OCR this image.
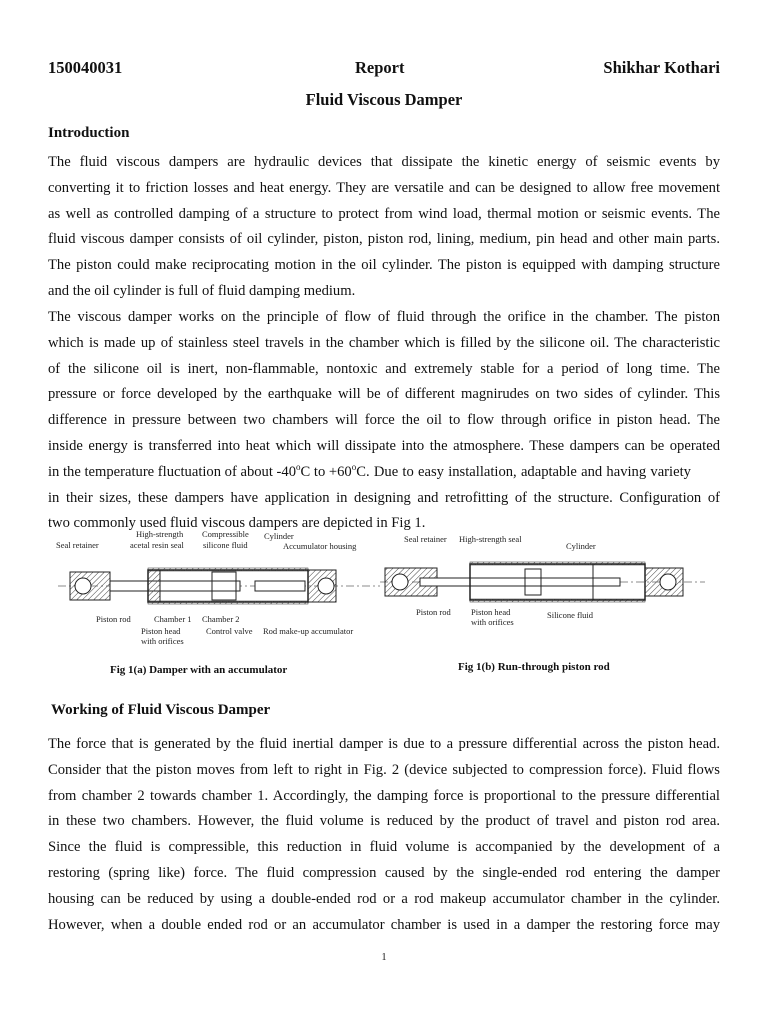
150040031	Report	Shikhar Kothari
Fluid Viscous Damper
Introduction
The fluid viscous dampers are hydraulic devices that dissipate the kinetic energy of seismic events by
converting it to friction losses and heat energy. They are versatile and can be designed to allow free movement
as well as controlled damping of a structure to protect from wind load, thermal motion or seismic events. The
fluid viscous damper consists of oil cylinder, piston, piston rod, lining, medium, pin head and other main parts.
The piston could make reciprocating motion in the oil cylinder. The piston is equipped with damping structure
and the oil cylinder is full of fluid damping medium.
The viscous damper works on the principle of flow of fluid through the orifice in the chamber. The piston
which is made up of stainless steel travels in the chamber which is filled by the silicone oil. The characteristic
of the silicone oil is inert, non-flammable, nontoxic and extremely stable for a period of long time. The
pressure or force developed by the earthquake will be of different magnirudes on two sides of cylinder. This
difference in pressure between two chambers will force the oil to flow through orifice in piston head. The
inside energy is transferred into heat which will dissipate into the atmosphere. These dampers can be operated
in the temperature fluctuation of about -40$^o$C to $+60^oC$. Due to easy installation, adaptable and having variety
in their sizes, these dampers have application in designing and retrofitting of the structure. Configuration of
two commonly used fluid viscous dampers are depicted in Fig 1.
Seal retainer
High-strength
acetal resin seal
Compressible
silicone fluid
Cylinder
Accumulator housing
Piston rod	Chamber 1 Chamber 2
Piston head
with orifices
Control valve Rod make-up accumulator
Fig 1(a) Damper with an accumulator
Seal retainer High-strength seal
Cylinder
Piston rod Piston head
with orifices
Silicone fluid
Fig 1(b) Run-through piston rod
Working of Fluid Viscous Damper
The force that is generated by the fluid inertial damper is due to a pressure differential across the piston head.
Consider that the piston moves from left to right in Fig. 2 (device subjected to compression force). Fluid flows
from chamber 2 towards chamber 1. Accordingly, the damping force is proportional to the pressure differential
in these two chambers. However, the fluid volume is reduced by the product of travel and piston rod area.
Since the fluid is compressible, this reduction in fluid volume is accompanied by the development of a
restoring (spring like) force. The fluid compression caused by the single-ended rod entering the damper
housing can be reduced by using a double-ended rod or a rod makeup accumulator chamber in the cylinder.
However, when a double ended rod or an accumulator chamber is used in a damper the restoring force may
1
